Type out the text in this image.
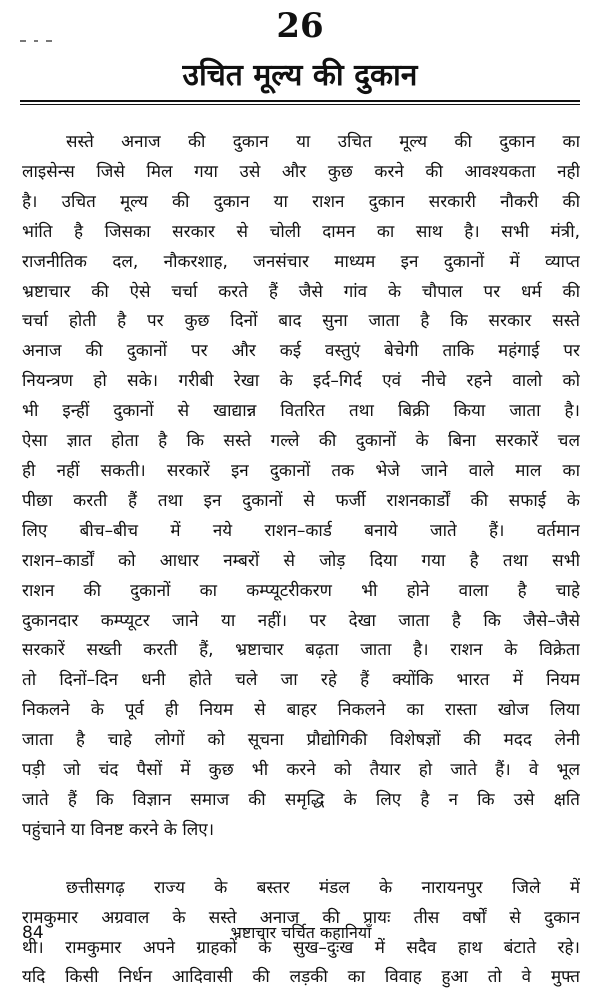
26
उचित मूल्य की दुकान
सस्ते अनाज की दुकान या उचित मूल्य की दुकान का
लाइसेन्स जिसे मिल गया उसे और कुछ करने की आवश्यकता नही
है। उचित मूल्य की दुकान या राशन दुकान सरकारी नौकरी की
भांति है जिसका सरकार से चोली दामन का साथ है। सभी मंत्री,
राजनीतिक दल, नौकरशाह, जनसंचार माध्यम इन दुकानों में व्याप्त
भ्रष्टाचार की ऐसे चर्चा करते हैं जैसे गांव के चौपाल पर धर्म की
चर्चा होती है पर कुछ दिनों बाद सुना जाता है कि सरकार सस्ते
अनाज की दुकानों पर और कई वस्तुएं बेचेगी ताकि महंगाई पर
नियन्त्रण हो सके। गरीबी रेखा के इर्द–गिर्द एवं नीचे रहने वालो को
भी इन्हीं दुकानों से खाद्यान्न वितरित तथा बिक्री किया जाता है।
ऐसा ज्ञात होता है कि सस्ते गल्ले की दुकानों के बिना सरकारें चल
ही नहीं सकती। सरकारें इन दुकानों तक भेजे जाने वाले माल का
पीछा करती हैं तथा इन दुकानों से फर्जी राशनकार्डों की सफाई के
लिए बीच–बीच में नये राशन–कार्ड बनाये जाते हैं। वर्तमान
राशन–कार्डों को आधार नम्बरों से जोड़ दिया गया है तथा सभी
राशन की दुकानों का कम्प्यूटरीकरण भी होने वाला है चाहे
दुकानदार कम्प्यूटर जाने या नहीं। पर देखा जाता है कि जैसे–जैसे
सरकारें सख्ती करती हैं, भ्रष्टाचार बढ़ता जाता है। राशन के विक्रेता
तो दिनों–दिन धनी होते चले जा रहे हैं क्योंकि भारत में नियम
निकलने के पूर्व ही नियम से बाहर निकलने का रास्ता खोज लिया
जाता है चाहे लोगों को सूचना प्रौद्योगिकी विशेषज्ञों की मदद लेनी
पड़ी जो चंद पैसों में कुछ भी करने को तैयार हो जाते हैं। वे भूल
जाते हैं कि विज्ञान समाज की समृद्धि के लिए है न कि उसे क्षति
पहुंचाने या विनष्ट करने के लिए।
छत्तीसगढ़ राज्य के बस्तर मंडल के नारायनपुर जिले में
रामकुमार अग्रवाल के सस्ते अनाज की प्रायः तीस वर्षों से दुकान
थी। रामकुमार अपने ग्राहकों के सुख–दुःख में सदैव हाथ बंटाते रहे।
यदि किसी निर्धन आदिवासी की लड़की का विवाह हुआ तो वे मुफ्त
84	भ्रष्टाचार चर्चित कहानियाँ
